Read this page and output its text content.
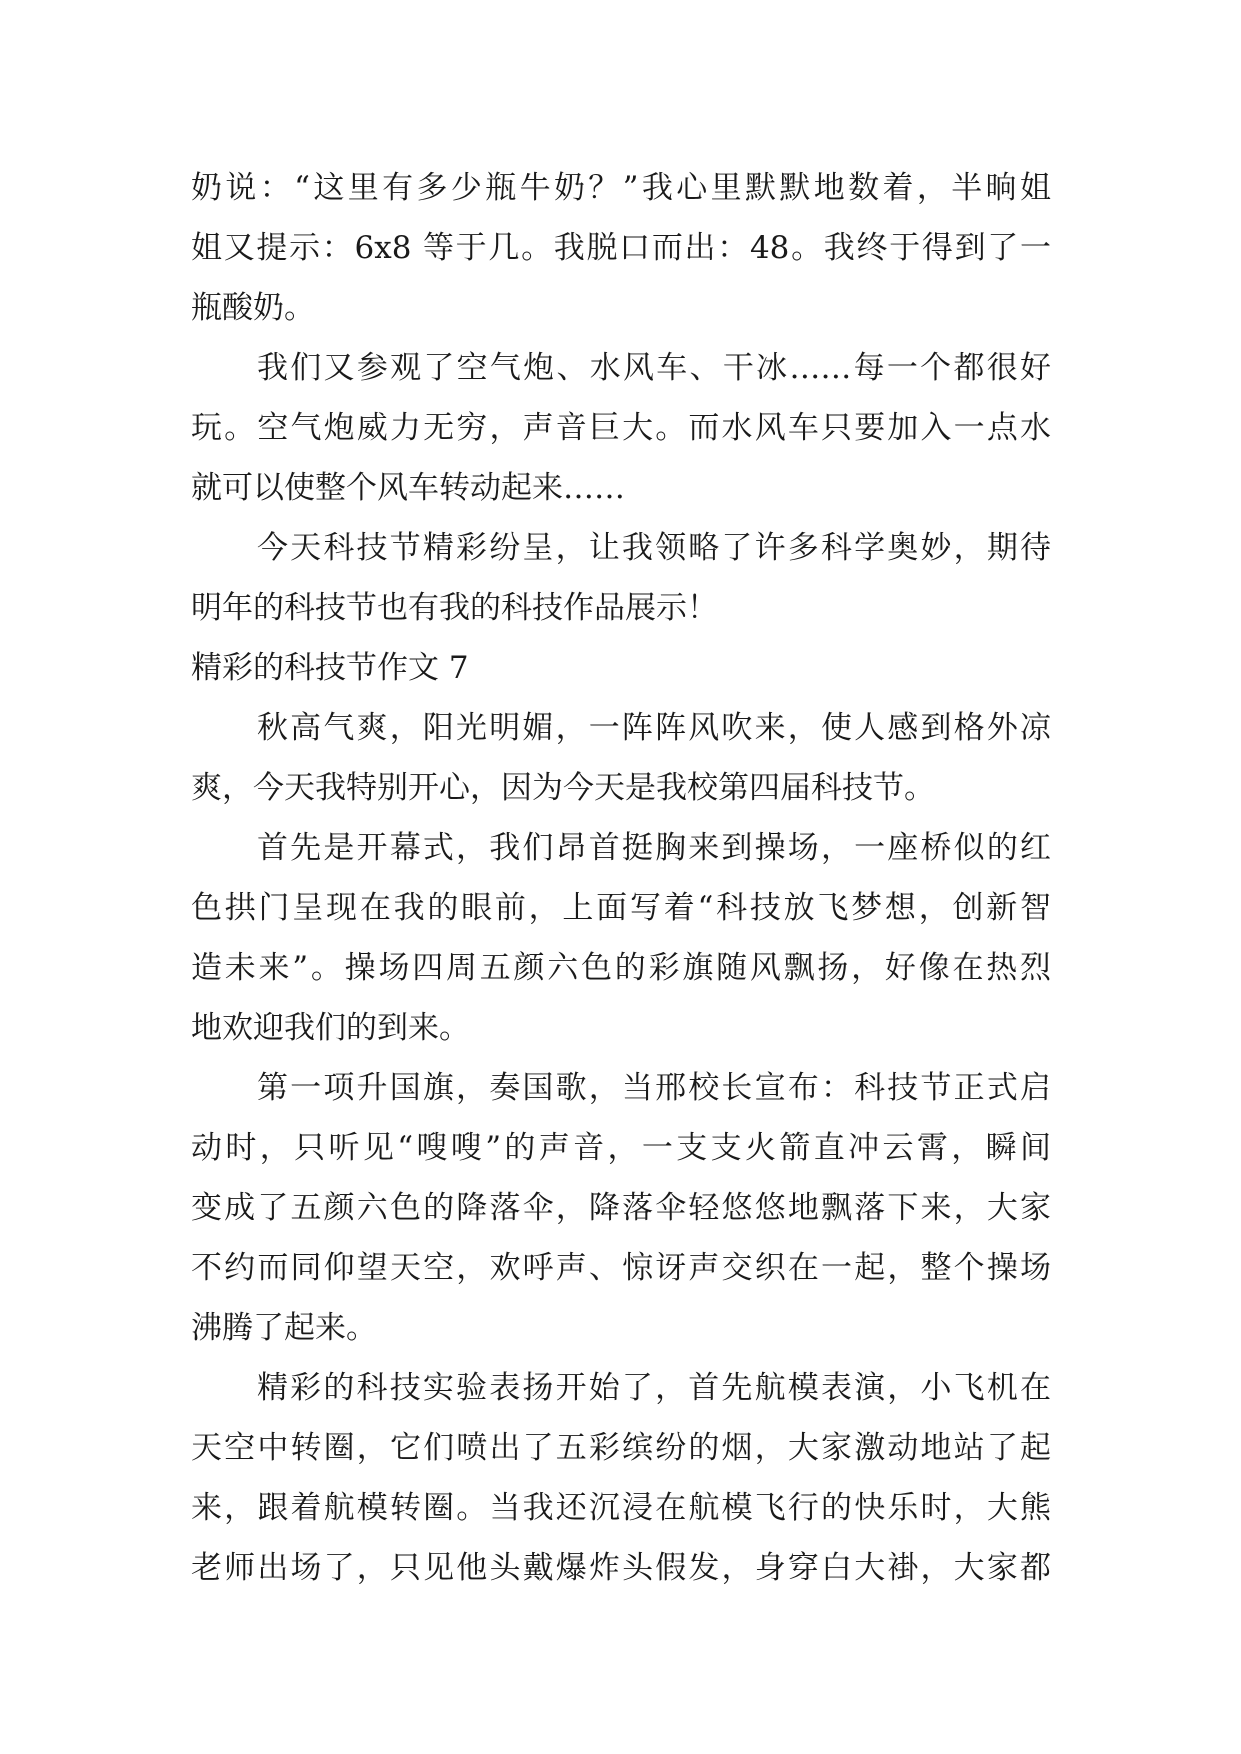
奶说：“这里有多少瓶牛奶？”我心里默默地数着，半晌姐
姐又提示：6x8 等于几。我脱口而出：48。我终于得到了一
瓶酸奶。
我们又参观了空气炮、水风车、干冰……每一个都很好
玩。空气炮威力无穷，声音巨大。而水风车只要加入一点水
就可以使整个风车转动起来……
今天科技节精彩纷呈，让我领略了许多科学奥妙，期待
明年的科技节也有我的科技作品展示！
精彩的科技节作文 7
秋高气爽，阳光明媚，一阵阵风吹来，使人感到格外凉
爽，今天我特别开心，因为今天是我校第四届科技节。
首先是开幕式，我们昂首挺胸来到操场，一座桥似的红
色拱门呈现在我的眼前，上面写着“科技放飞梦想，创新智
造未来”。操场四周五颜六色的彩旗随风飘扬，好像在热烈
地欢迎我们的到来。
第一项升国旗，奏国歌，当邢校长宣布：科技节正式启
动时，只听见“嗖嗖”的声音，一支支火箭直冲云霄，瞬间
变成了五颜六色的降落伞，降落伞轻悠悠地飘落下来，大家
不约而同仰望天空，欢呼声、惊讶声交织在一起，整个操场
沸腾了起来。
精彩的科技实验表扬开始了，首先航模表演，小飞机在
天空中转圈，它们喷出了五彩缤纷的烟，大家激动地站了起
来，跟着航模转圈。当我还沉浸在航模飞行的快乐时，大熊
老师出场了，只见他头戴爆炸头假发，身穿白大褂，大家都
